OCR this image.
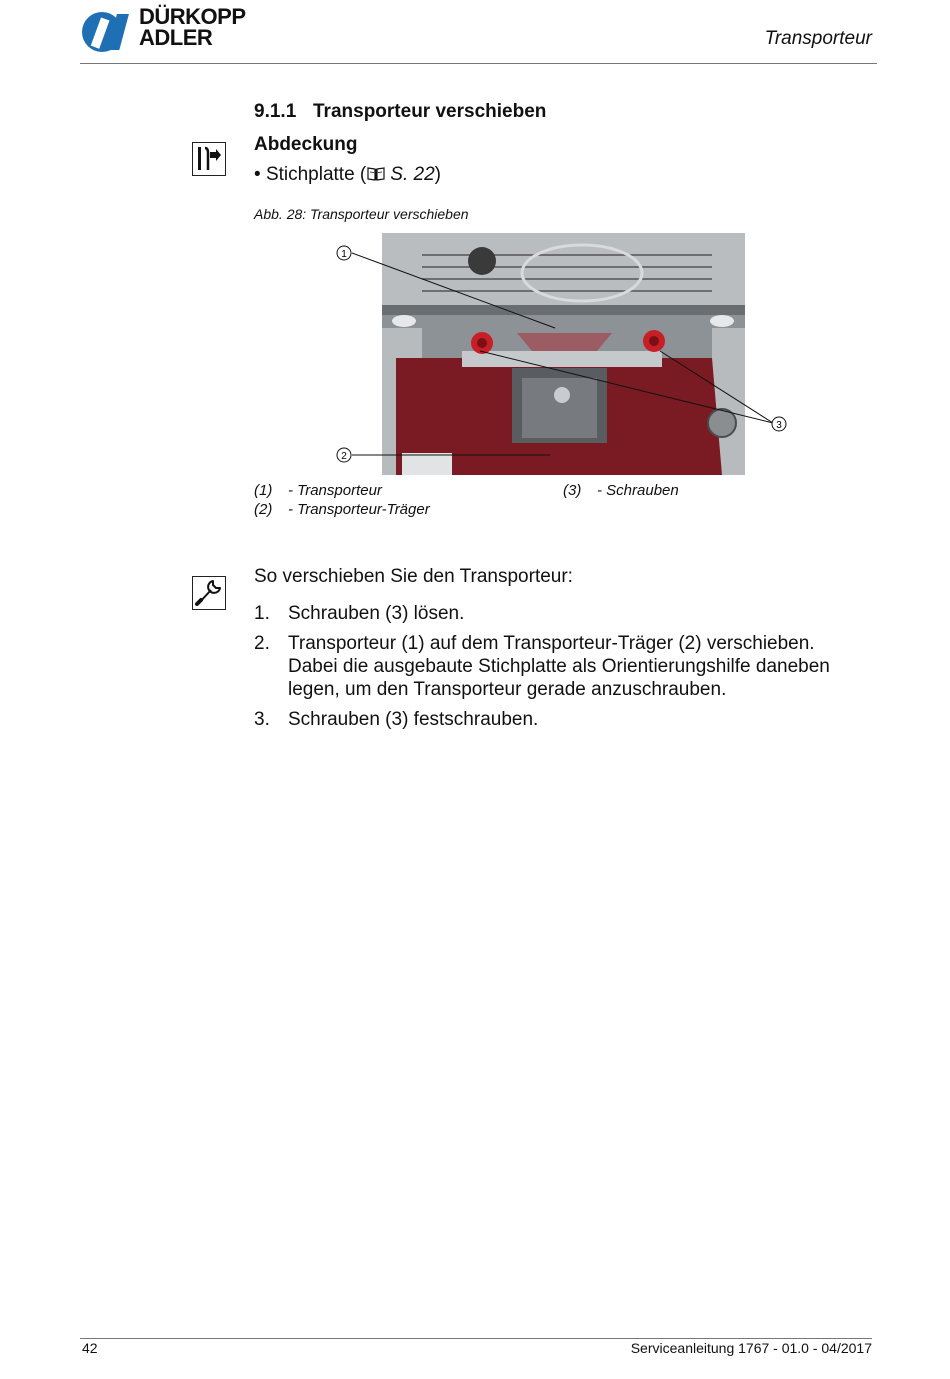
DÜRKOPP
ADLER	Transporteur
9.1.1 Transporteur verschieben
Abdeckung
• Stichplatte ( S. 22)
Abb. 28: Transporteur verschieben
1
2
3
(1) - Transporteur
(2) - Transporteur-Träger
(3) - Schrauben
So verschieben Sie den Transporteur:
1. Schrauben (3) lösen.
2. Transporteur (1) auf dem Transporteur-Träger (2) verschieben. Dabei die ausgebaute Stichplatte als Orientierungshilfe daneben legen, um den Transporteur gerade anzuschrauben.
3. Schrauben (3) festschrauben.
42	Serviceanleitung 1767 - 01.0 - 04/2017
